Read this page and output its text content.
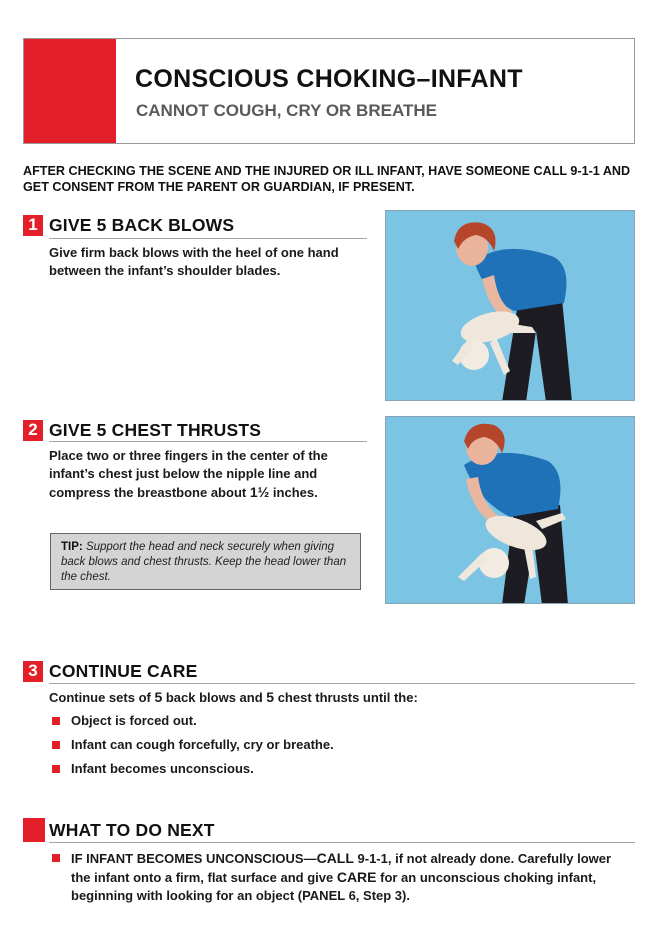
CONSCIOUS CHOKING–INFANT
CANNOT COUGH, CRY OR BREATHE
AFTER CHECKING THE SCENE AND THE INJURED OR ILL INFANT, HAVE SOMEONE CALL 9-1-1 AND GET CONSENT FROM THE PARENT OR GUARDIAN, IF PRESENT.
1 GIVE 5 BACK BLOWS
Give firm back blows with the heel of one hand between the infant’s shoulder blades.
2 GIVE 5 CHEST THRUSTS
Place two or three fingers in the center of the infant’s chest just below the nipple line and compress the breastbone about 1½ inches.
TIP: Support the head and neck securely when giving back blows and chest thrusts. Keep the head lower than the chest.
3 CONTINUE CARE
Continue sets of 5 back blows and 5 chest thrusts until the:
Object is forced out.
Infant can cough forcefully, cry or breathe.
Infant becomes unconscious.
WHAT TO DO NEXT
IF INFANT BECOMES UNCONSCIOUS—CALL 9-1-1, if not already done. Carefully lower the infant onto a firm, flat surface and give CARE for an unconscious choking infant, beginning with looking for an object (PANEL 6, Step 3).
